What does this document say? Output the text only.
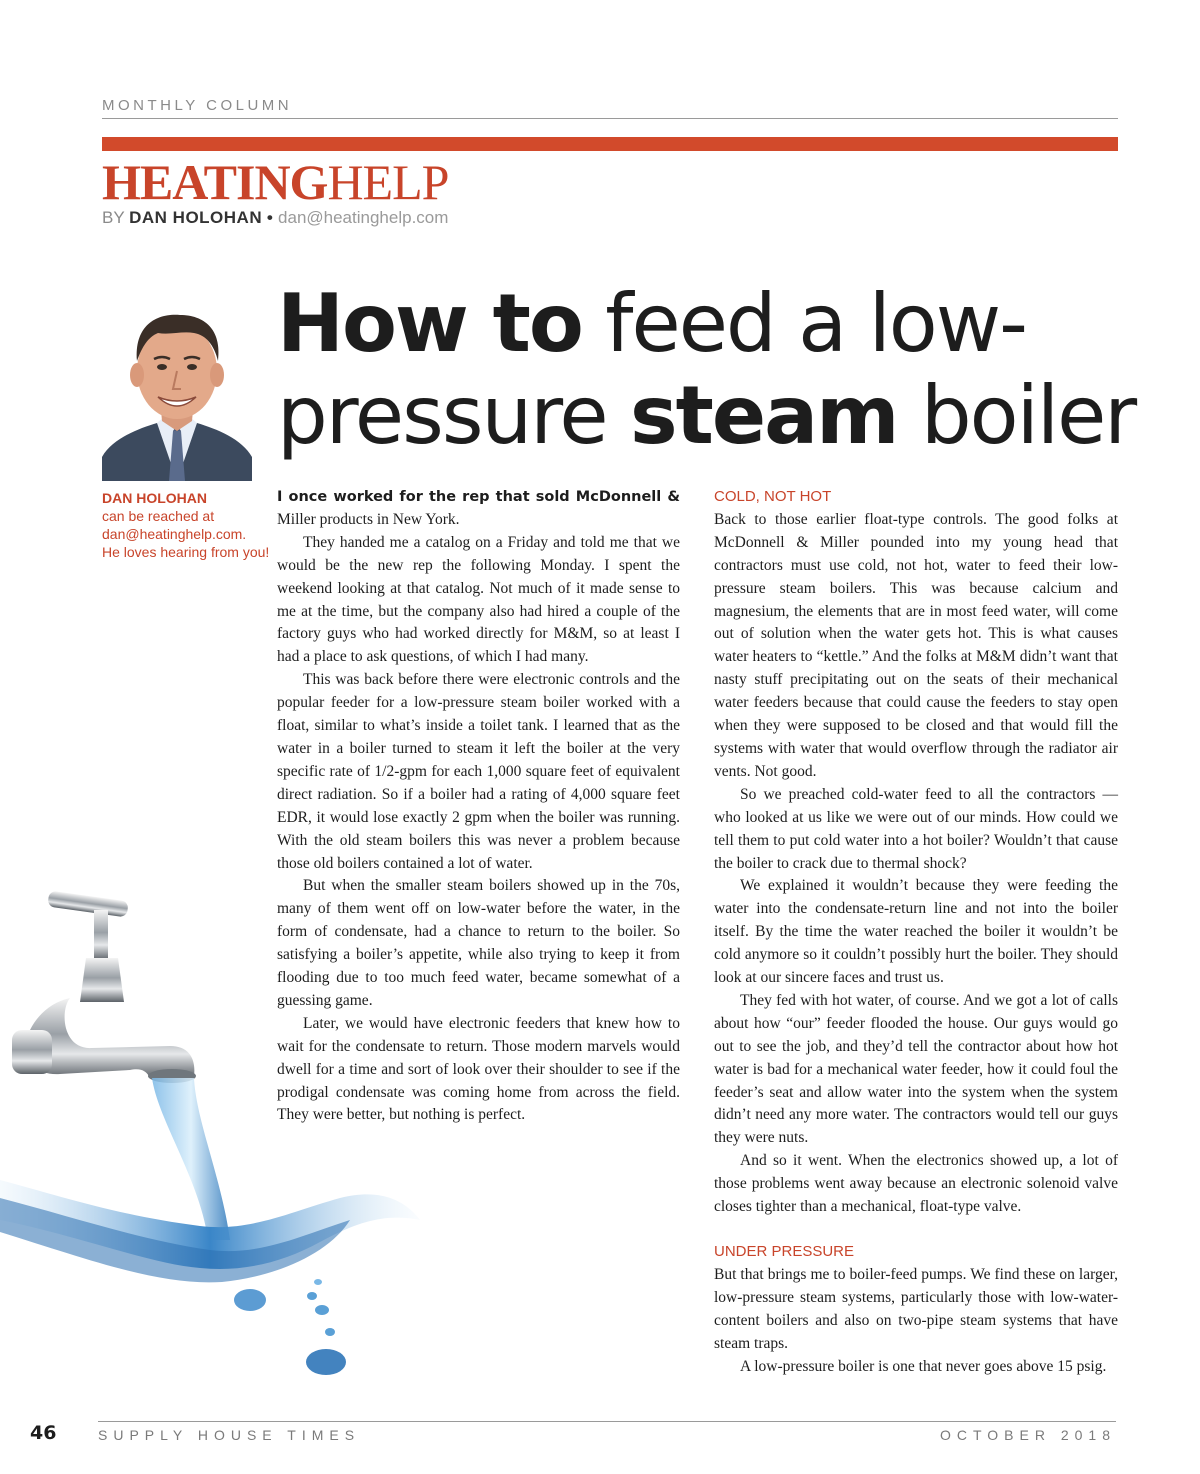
MONTHLY COLUMN
HEATINGHELP
BY DAN HOLOHAN • dan@heatinghelp.com
How to feed a low-
pressure steam boiler
DAN HOLOHAN
can be reached at
dan@heatinghelp.com.
He loves hearing from you!

I once worked for the rep that sold McDonnell & Miller products in New York.

They handed me a catalog on a Friday and told me that we would be the new rep the following Monday. I spent the weekend looking at that catalog. Not much of it made sense to me at the time, but the company also had hired a couple of the factory guys who had worked directly for M&M, so at least I had a place to ask questions, of which I had many.

This was back before there were electronic controls and the popular feeder for a low-pressure steam boiler worked with a float, similar to what’s inside a toilet tank. I learned that as the water in a boiler turned to steam it left the boiler at the very specific rate of 1/2-gpm for each 1,000 square feet of equivalent direct radiation. So if a boiler had a rating of 4,000 square feet EDR, it would lose exactly 2 gpm when the boiler was running. With the old steam boilers this was never a problem because those old boilers contained a lot of water.

But when the smaller steam boilers showed up in the 70s, many of them went off on low-water before the water, in the form of condensate, had a chance to return to the boiler. So satisfying a boiler’s appetite, while also trying to keep it from flooding due to too much feed water, became somewhat of a guessing game.

Later, we would have electronic feeders that knew how to wait for the condensate to return. Those modern marvels would dwell for a time and sort of look over their shoulder to see if the prodigal condensate was coming home from across the field. They were better, but nothing is perfect.

COLD, NOT HOT

Back to those earlier float-type controls. The good folks at McDonnell & Miller pounded into my young head that contractors must use cold, not hot, water to feed their low-pressure steam boilers. This was because calcium and magnesium, the elements that are in most feed water, will come out of solution when the water gets hot. This is what causes water heaters to “kettle.” And the folks at M&M didn’t want that nasty stuff precipitating out on the seats of their mechanical water feeders because that could cause the feeders to stay open when they were supposed to be closed and that would fill the systems with water that would overflow through the radiator air vents. Not good.

So we preached cold-water feed to all the contractors — who looked at us like we were out of our minds. How could we tell them to put cold water into a hot boiler? Wouldn’t that cause the boiler to crack due to thermal shock?

We explained it wouldn’t because they were feeding the water into the condensate-return line and not into the boiler itself. By the time the water reached the boiler it wouldn’t be cold anymore so it couldn’t possibly hurt the boiler. They should look at our sincere faces and trust us.

They fed with hot water, of course. And we got a lot of calls about how “our” feeder flooded the house. Our guys would go out to see the job, and they’d tell the contractor about how hot water is bad for a mechanical water feeder, how it could foul the feeder’s seat and allow water into the system when the system didn’t need any more water. The contractors would tell our guys they were nuts.

And so it went. When the electronics showed up, a lot of those problems went away because an electronic solenoid valve closes tighter than a mechanical, float-type valve.

UNDER PRESSURE

But that brings me to boiler-feed pumps. We find these on larger, low-pressure steam systems, particularly those with low-water-content boilers and also on two-pipe steam systems that have steam traps.

A low-pressure boiler is one that never goes above 15 psig.

46	SUPPLY HOUSE TIMES	OCTOBER 2018
